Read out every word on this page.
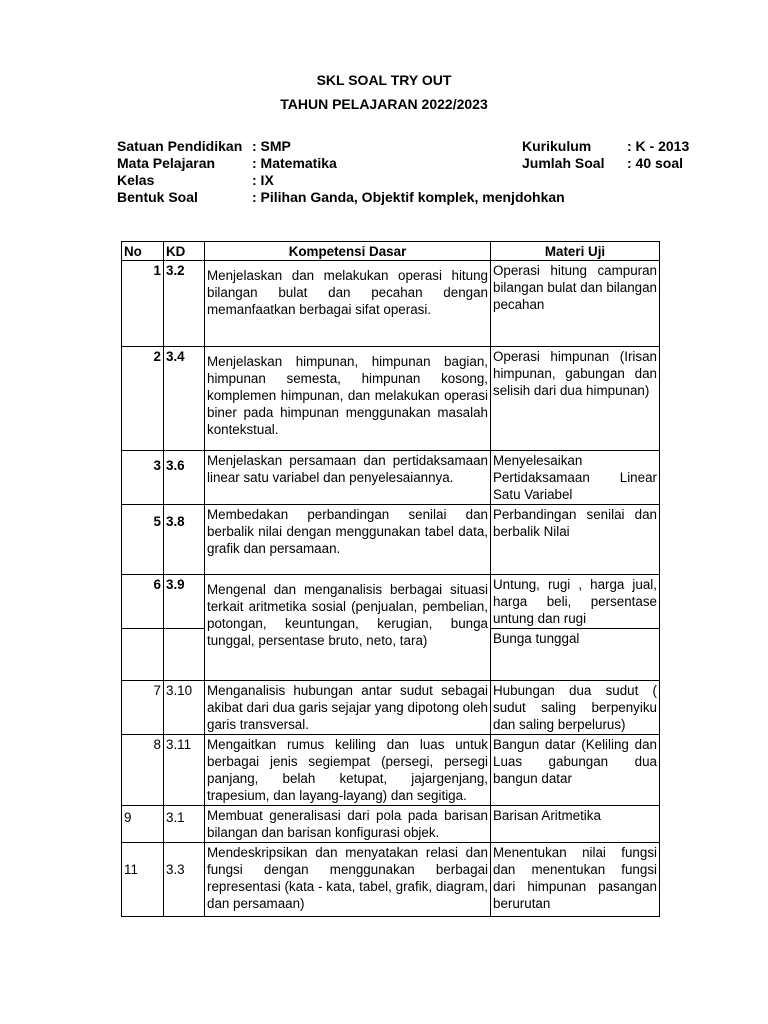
SKL SOAL TRY OUT
TAHUN PELAJARAN 2022/2023
Satuan Pendidikan : SMP
Mata Pelajaran	: Matematika
Kelas	: IX
Bentuk Soal	: Pilihan Ganda, Objektif komplek, menjdohkan
Kurikulum	: K - 2013
Jumlah Soal : 40 soal
No	KD	Kompetensi Dasar	Materi Uji
1	3.2	Menjelaskan dan melakukan operasi hitung bilangan bulat dan pecahan dengan memanfaatkan berbagai sifat operasi.	Operasi hitung campuran bilangan bulat dan bilangan pecahan
2	3.4	Menjelaskan himpunan, himpunan bagian, himpunan semesta, himpunan kosong, komplemen himpunan, dan melakukan operasi biner pada himpunan menggunakan masalah kontekstual.	Operasi himpunan (Irisan himpunan, gabungan dan selisih dari dua himpunan)
3	3.6	Menjelaskan persamaan dan pertidaksamaan linear satu variabel dan penyelesaiannya.	Menyelesaikan Pertidaksamaan Linear Satu Variabel
5	3.8	Membedakan perbandingan senilai dan berbalik nilai dengan menggunakan tabel data, grafik dan persamaan.	Perbandingan senilai dan berbalik Nilai
6	3.9	Mengenal dan menganalisis berbagai situasi terkait aritmetika sosial (penjualan, pembelian, potongan, keuntungan, kerugian, bunga tunggal, persentase bruto, neto, tara)	Untung, rugi , harga jual, harga beli, persentase untung dan rugi
			Bunga tunggal
7	3.10	Menganalisis hubungan antar sudut sebagai akibat dari dua garis sejajar yang dipotong oleh garis transversal.	Hubungan dua sudut ( sudut saling berpenyiku dan saling berpelurus)
8	3.11	Mengaitkan rumus keliling dan luas untuk berbagai jenis segiempat (persegi, persegi panjang, belah ketupat, jajargenjang, trapesium, dan layang-layang) dan segitiga.	Bangun datar (Keliling dan Luas gabungan dua bangun datar
9	3.1	Membuat generalisasi dari pola pada barisan bilangan dan barisan konfigurasi objek.	Barisan Aritmetika
11	3.3	Mendeskripsikan dan menyatakan relasi dan fungsi dengan menggunakan berbagai representasi (kata - kata, tabel, grafik, diagram, dan persamaan)	Menentukan nilai fungsi dan menentukan fungsi dari himpunan pasangan berurutan
